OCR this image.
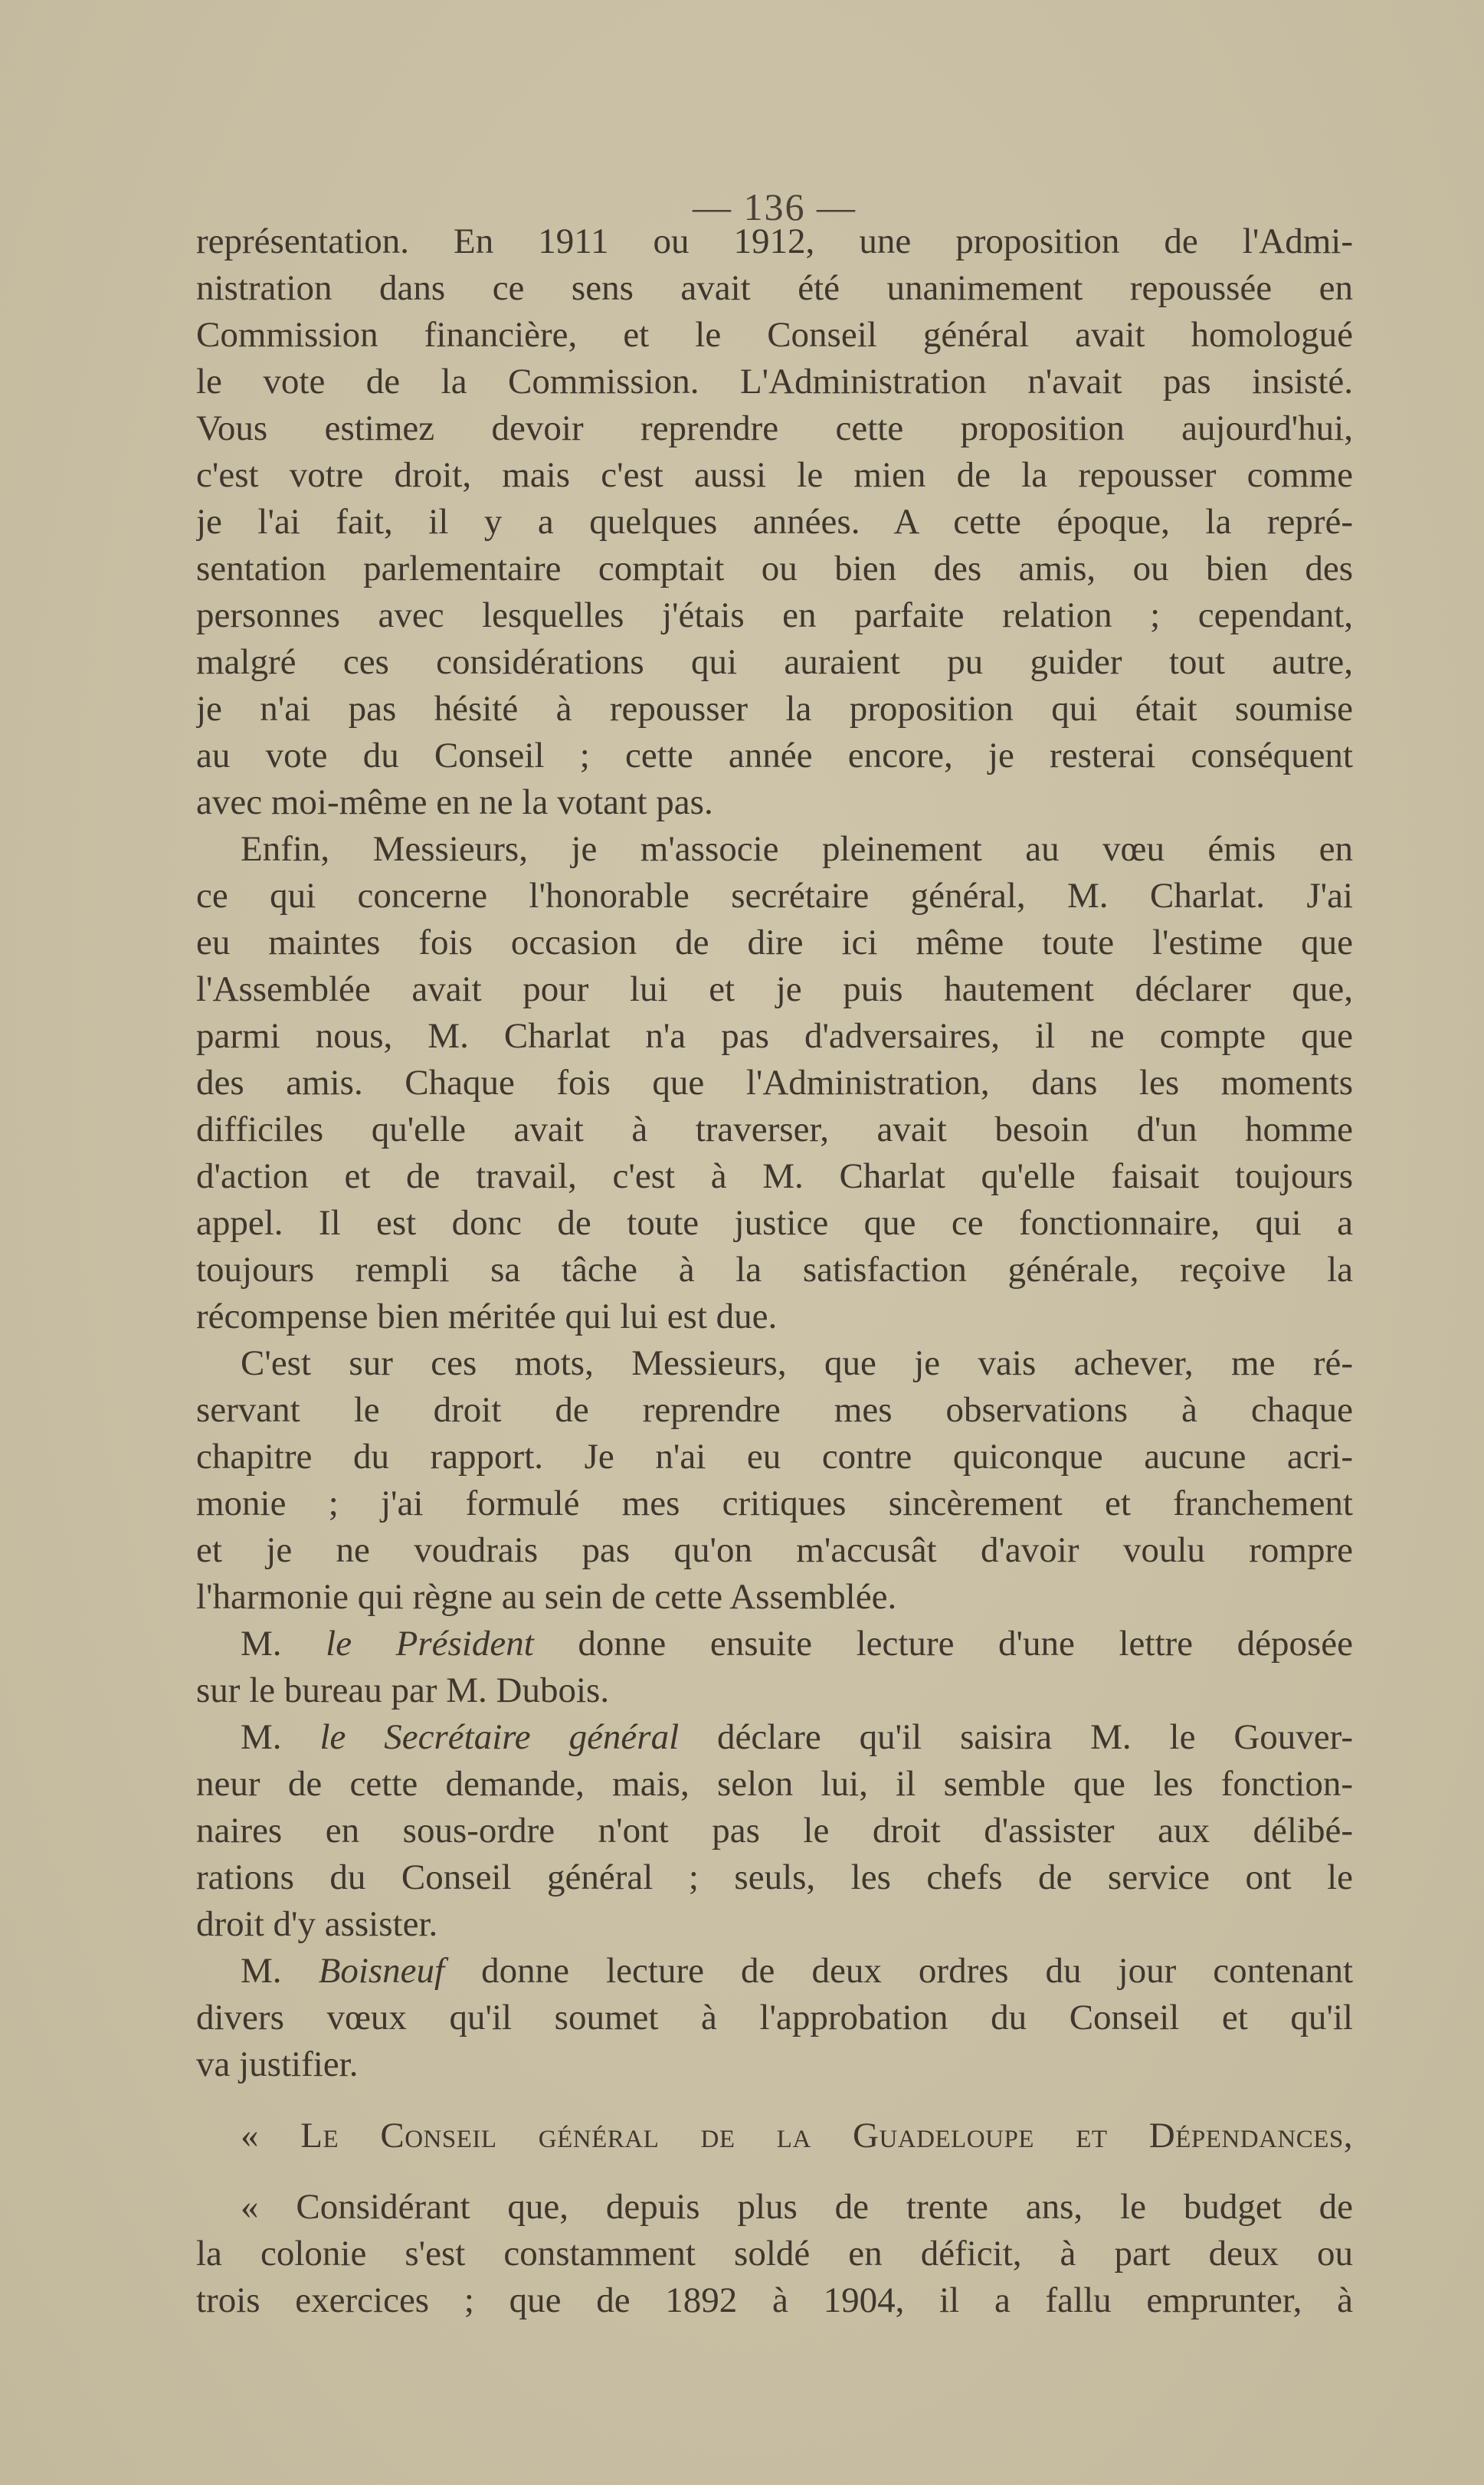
— 136 —
représentation. En 1911 ou 1912, une proposition de l'Admi-
nistration dans ce sens avait été unanimement repoussée en
Commission financière, et le Conseil général avait homologué
le vote de la Commission. L'Administration n'avait pas insisté.
Vous estimez devoir reprendre cette proposition aujourd'hui,
c'est votre droit, mais c'est aussi le mien de la repousser comme
je l'ai fait, il y a quelques années. A cette époque, la repré-
sentation parlementaire comptait ou bien des amis, ou bien des
personnes avec lesquelles j'étais en parfaite relation ; cependant,
malgré ces considérations qui auraient pu guider tout autre,
je n'ai pas hésité à repousser la proposition qui était soumise
au vote du Conseil ; cette année encore, je resterai conséquent
avec moi-même en ne la votant pas.
Enfin, Messieurs, je m'associe pleinement au vœu émis en
ce qui concerne l'honorable secrétaire général, M. Charlat. J'ai
eu maintes fois occasion de dire ici même toute l'estime que
l'Assemblée avait pour lui et je puis hautement déclarer que,
parmi nous, M. Charlat n'a pas d'adversaires, il ne compte que
des amis. Chaque fois que l'Administration, dans les moments
difficiles qu'elle avait à traverser, avait besoin d'un homme
d'action et de travail, c'est à M. Charlat qu'elle faisait toujours
appel. Il est donc de toute justice que ce fonctionnaire, qui a
toujours rempli sa tâche à la satisfaction générale, reçoive la
récompense bien méritée qui lui est due.
C'est sur ces mots, Messieurs, que je vais achever, me ré-
servant le droit de reprendre mes observations à chaque
chapitre du rapport. Je n'ai eu contre quiconque aucune acri-
monie ; j'ai formulé mes critiques sincèrement et franchement
et je ne voudrais pas qu'on m'accusât d'avoir voulu rompre
l'harmonie qui règne au sein de cette Assemblée.
M. le Président donne ensuite lecture d'une lettre déposée
sur le bureau par M. Dubois.
M. le Secrétaire général déclare qu'il saisira M. le Gouver-
neur de cette demande, mais, selon lui, il semble que les fonction-
naires en sous-ordre n'ont pas le droit d'assister aux délibé-
rations du Conseil général ; seuls, les chefs de service ont le
droit d'y assister.
M. Boisneuf donne lecture de deux ordres du jour contenant
divers vœux qu'il soumet à l'approbation du Conseil et qu'il
va justifier.
« Le Conseil général de la Guadeloupe et Dépendances,
« Considérant que, depuis plus de trente ans, le budget de
la colonie s'est constamment soldé en déficit, à part deux ou
trois exercices ; que de 1892 à 1904, il a fallu emprunter, à
